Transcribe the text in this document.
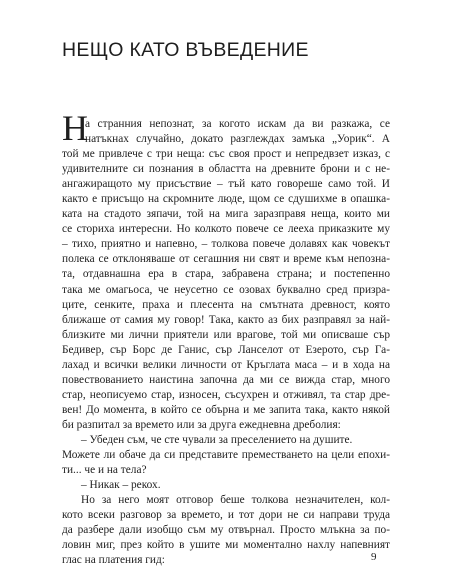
НЕЩО КАТО ВЪВЕДЕНИЕ
Н
а странния непознат, за когото искам да ви разкажа, се
натъкнах случайно, докато разглеждах замъка „Уорик“. А
той ме привлече с три неща: със своя прост и непредвзет изказ, с
удивителните си познания в областта на древните брони и с не-
ангажиращото му присъствие – тъй като говореше само той. И
както е присъщо на скромните люде, щом се сдушихме в опашка-
ката на стадото зяпачи, той на мига заразправя неща, които ми
се сториха интересни. Но колкото повече се лееха приказките му
– тихо, приятно и напевно, – толкова повече долавях как човекът
полека се отклоняваше от сегашния ни свят и време към непозна-
та, отдавнашна ера в стара, забравена страна; и постепенно
така ме омагьоса, че неусетно се озовах буквално сред призра-
ците, сенките, праха и плесента на смътната древност, която
ближаше от самия му говор! Така, както аз бих разправял за най-
близките ми лични приятели или врагове, той ми описваше сър
Бедивер, сър Борс де Ганис, сър Ланселот от Езерото, сър Га-
лахад и всички велики личности от Кръглата маса – и в хода на
повествованието наистина започна да ми се вижда стар, много
стар, неописуемо стар, износен, съсухрен и отживял, та стар дре-
вен! До момента, в който се обърна и ме запита така, както някой
би разпитал за времето или за друга ежедневна дреболия:
– Убеден съм, че сте чували за преселението на душите.
Можете ли обаче да си представите преместването на цели епохи-
ти... че и на тела?
– Никак – рекох.
Но за него моят отговор беше толкова незначителен, кол-
кото всеки разговор за времето, и тот дори не си направи труда
да разбере дали изобщо съм му отвърнал. Просто млъкна за по-
ловин миг, през който в ушите ми моментално нахлу напевният
глас на платения гид:	9
